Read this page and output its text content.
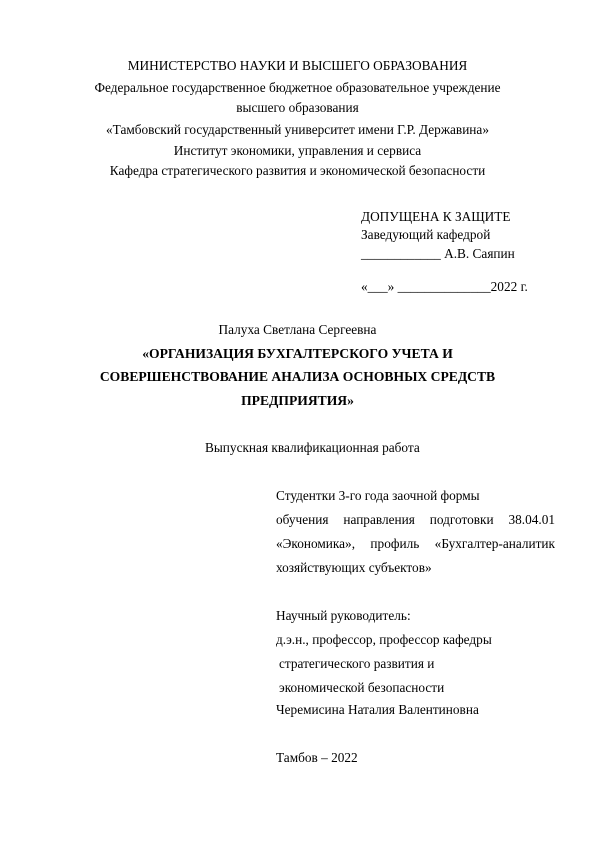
МИНИСТЕРСТВО НАУКИ И ВЫСШЕГО ОБРАЗОВАНИЯ
Федеральное государственное бюджетное образовательное учреждение
высшего образования
«Тамбовский государственный университет имени Г.Р. Державина»
Институт экономики, управления и сервиса
Кафедра стратегического развития и экономической безопасности
ДОПУЩЕНА К ЗАЩИТЕ
Заведующий кафедрой
____________ А.В. Саяпин
«___» ______________2022 г.
Палуха Светлана Сергеевна
«ОРГАНИЗАЦИЯ БУХГАЛТЕРСКОГО УЧЕТА И
СОВЕРШЕНСТВОВАНИЕ АНАЛИЗА ОСНОВНЫХ СРЕДСТВ
ПРЕДПРИЯТИЯ»
Выпускная квалификационная работа
Студентки 3-го года заочной формы
обучения направления подготовки 38.04.01
«Экономика», профиль «Бухгалтер-аналитик
хозяйствующих субъектов»
Научный руководитель:
д.э.н., профессор, профессор кафедры
стратегического развития и
экономической безопасности
Черемисина Наталия Валентиновна
Тамбов – 2022
